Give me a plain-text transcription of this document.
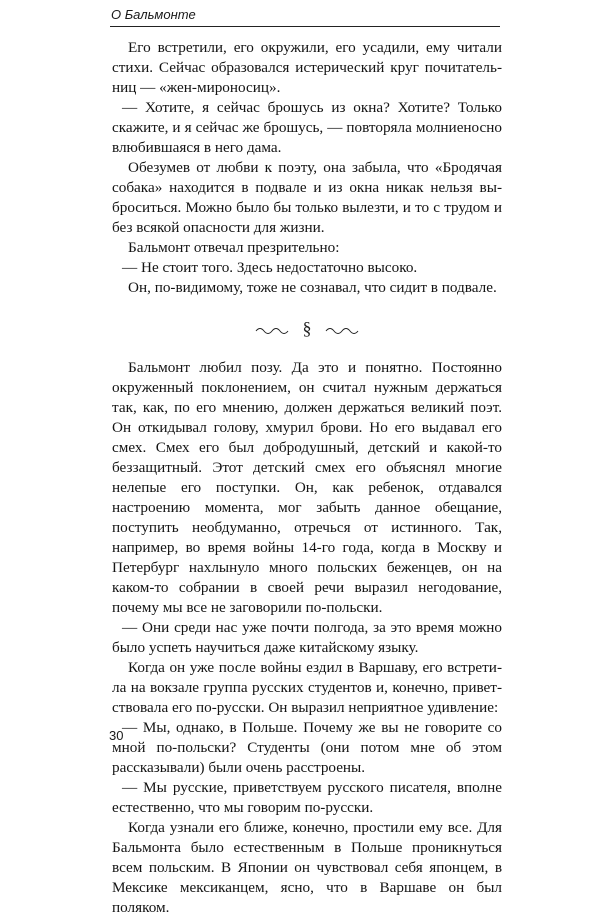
О Бальмонте

Его встретили, его окружили, его усадили, ему читали стихи. Сейчас образовался истерический круг почитательниц — «жен-мироносиц».

— Хотите, я сейчас брошусь из окна? Хотите? Только скажите, и я сейчас же брошусь, — повторяла молниеносно влюбившаяся в него дама.

Обезумев от любви к поэту, она забыла, что «Бродячая собака» находится в подвале и из окна никак нельзя выброситься. Можно было бы только вылезти, и то с трудом и без всякой опасности для жизни.

Бальмонт отвечал презрительно:

— Не стоит того. Здесь недостаточно высоко.

Он, по-видимому, тоже не сознавал, что сидит в подвале.

§

Бальмонт любил позу. Да это и понятно. Постоянно окруженный поклонением, он считал нужным держаться так, как, по его мнению, должен держаться великий поэт. Он откидывал голову, хмурил брови. Но его выдавал его смех. Смех его был добродушный, детский и какой-то беззащитный. Этот детский смех его объяснял многие нелепые его поступки. Он, как ребенок, отдавался настроению момента, мог забыть данное обещание, поступить необдуманно, отречься от истинного. Так, например, во время войны 14-го года, когда в Москву и Петербург нахлынуло много польских беженцев, он на каком-то собрании в своей речи выразил негодование, почему мы все не заговорили по-польски.

— Они среди нас уже почти полгода, за это время можно было успеть научиться даже китайскому языку.

Когда он уже после войны ездил в Варшаву, его встретила на вокзале группа русских студентов и, конечно, приветствовала его по-русски. Он выразил неприятное удивление:

— Мы, однако, в Польше. Почему же вы не говорите со мной по-польски? Студенты (они потом мне об этом рассказывали) были очень расстроены.

— Мы русские, приветствуем русского писателя, вполне естественно, что мы говорим по-русски.

Когда узнали его ближе, конечно, простили ему все. Для Бальмонта было естественным в Польше проникнуться всем польским. В Японии он чувствовал себя японцем, в Мексике мексиканцем, ясно, что в Варшаве он был поляком.

30
